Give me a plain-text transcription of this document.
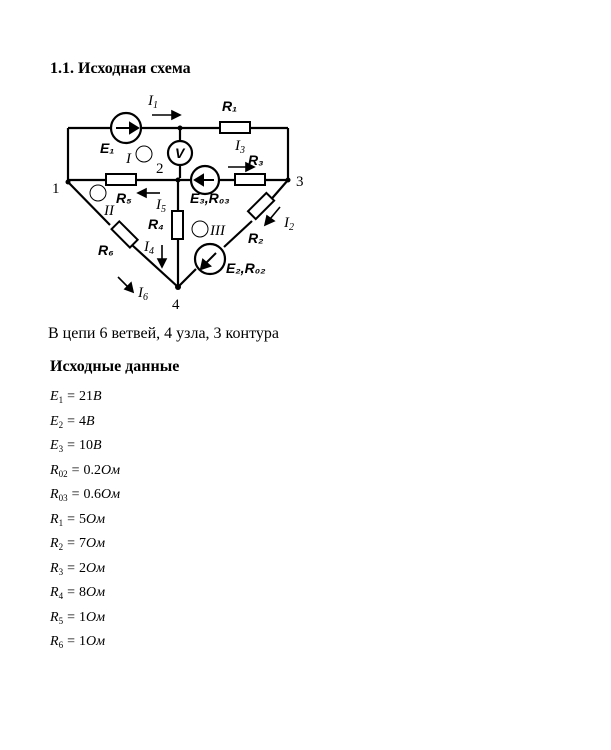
1.1. Исходная схема
$I_1$	R₁
E₁
I	V
2
$I_3$
R₃
3
1
R₅ $I_5$
E₃,R₀₃
II
R₄	III R₂
$I_2$
$I_4$
R₆
E₂,R₀₂
$I_6$ 4
В цепи 6 ветвей, 4 узла, 3 контура
Исходные данные
$E_1 = 21B$
$E_2 = 4B$
$E_3 = 10B$
$R_{02} = 0.2Ом$
$R_{03} = 0.6Ом$
$R_1 = 5Ом$
$R_2 = 7Ом$
$R_3 = 2Ом$
$R_4 = 8Ом$
$R_5 = 1Ом$
$R_6 = 1Ом$
